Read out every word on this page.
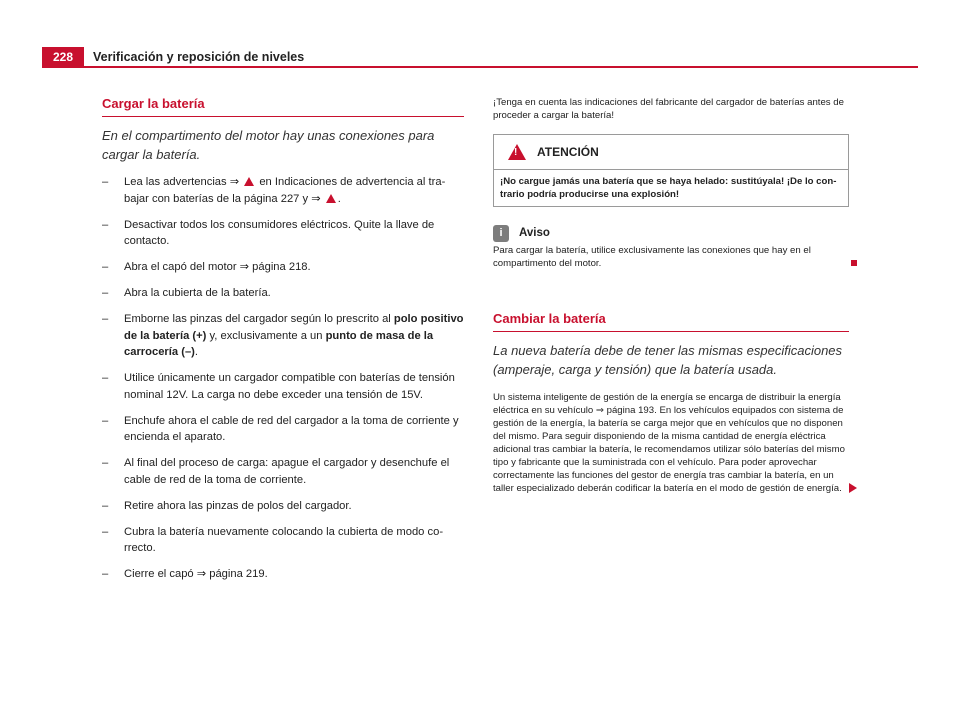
228	Verificación y reposición de niveles
Cargar la batería
En el compartimento del motor hay unas conexiones para cargar la batería.
– Lea las advertencias ⇒  en Indicaciones de advertencia al trabajar con baterías de la página 227 y ⇒ .
– Desactivar todos los consumidores eléctricos. Quite la llave de contacto.
– Abra el capó del motor ⇒ página 218.
– Abra la cubierta de la batería.
– Emborne las pinzas del cargador según lo prescrito al polo positivo de la batería (+) y, exclusivamente a un punto de masa de la carrocería (–).
– Utilice únicamente un cargador compatible con baterías de tensión nominal 12V. La carga no debe exceder una tensión de 15V.
– Enchufe ahora el cable de red del cargador a la toma de corriente y encienda el aparato.
– Al final del proceso de carga: apague el cargador y desenchufe el cable de red de la toma de corriente.
– Retire ahora las pinzas de polos del cargador.
– Cubra la batería nuevamente colocando la cubierta de modo correcto.
– Cierre el capó ⇒ página 219.
¡Tenga en cuenta las indicaciones del fabricante del cargador de baterías antes de proceder a cargar la batería!
! ATENCIÓN
¡No cargue jamás una batería que se haya helado: sustitúyala! ¡De lo contrario podría producirse una explosión!
i	Aviso
Para cargar la batería, utilice exclusivamente las conexiones que hay en el compartimento del motor.
Cambiar la batería
La nueva batería debe de tener las mismas especificaciones (amperaje, carga y tensión) que la batería usada.
Un sistema inteligente de gestión de la energía se encarga de distribuir la energía eléctrica en su vehículo ⇒ página 193. En los vehículos equipados con sistema de gestión de la energía, la batería se carga mejor que en vehículos que no disponen del mismo. Para seguir disponiendo de la misma cantidad de energía eléctrica adicional tras cambiar la batería, le recomendamos utilizar sólo baterías del mismo tipo y fabricante que la suministrada con el vehículo. Para poder aprovechar correctamente las funciones del gestor de energía tras cambiar la batería, en un taller especializado deberán codificar la batería en el modo de gestión de energía.
